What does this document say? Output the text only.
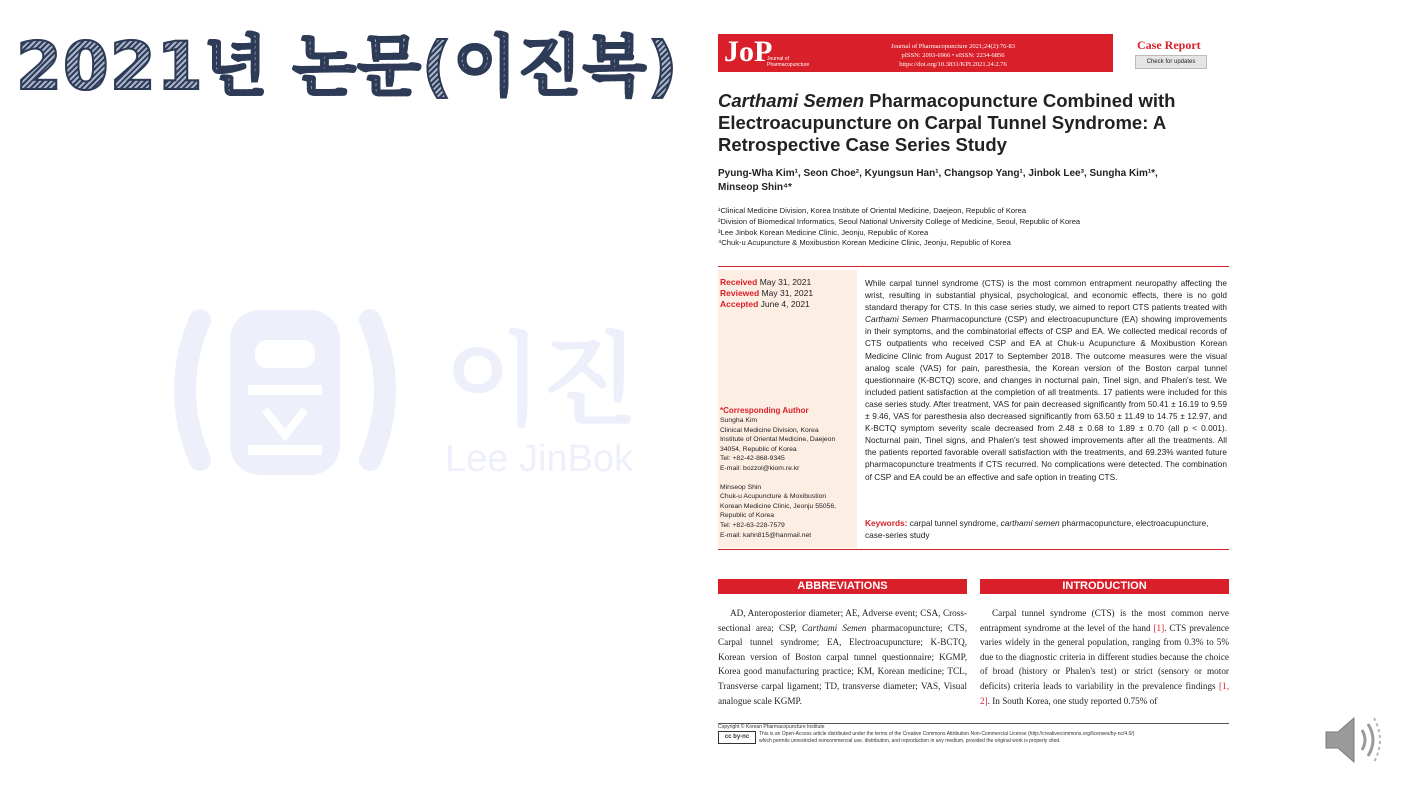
2021년 논문(이진복)
이진
Lee JinBok
JoP
Journal of Pharmacopuncture
Journal of Pharmacopuncture 2021;24(2):76-83
pISSN: 2093-6966 • eISSN: 2234-6856
https://doi.org/10.3831/KPI.2021.24.2.76
Case Report
Check for updates
Carthami Semen Pharmacopuncture Combined with Electroacupuncture on Carpal Tunnel Syndrome: A Retrospective Case Series Study
Pyung-Wha Kim¹, Seon Choe², Kyungsun Han¹, Changsop Yang¹, Jinbok Lee³, Sungha Kim¹*, Minseop Shin⁴*
¹Clinical Medicine Division, Korea Institute of Oriental Medicine, Daejeon, Republic of Korea
²Division of Biomedical Informatics, Seoul National University College of Medicine, Seoul, Republic of Korea
³Lee Jinbok Korean Medicine Clinic, Jeonju, Republic of Korea
⁴Chuk-u Acupuncture & Moxibustion Korean Medicine Clinic, Jeonju, Republic of Korea
Received May 31, 2021
Reviewed May 31, 2021
Accepted June 4, 2021
*Corresponding Author
Sungha Kim
Clinical Medicine Division, Korea
Institute of Oriental Medicine, Daejeon
34054, Republic of Korea
Tel: +82-42-868-9345
E-mail: bozzol@kiom.re.kr
Minseop Shin
Chuk-u Acupuncture & Moxibustion
Korean Medicine Clinic, Jeonju 55056,
Republic of Korea
Tel: +82-63-228-7579
E-mail: kahn815@hanmail.net
While carpal tunnel syndrome (CTS) is the most common entrapment neuropathy affecting the wrist, resulting in substantial physical, psychological, and economic effects, there is no gold standard therapy for CTS. In this case series study, we aimed to report CTS patients treated with Carthami Semen Pharmacopuncture (CSP) and electroacupuncture (EA) showing improvements in their symptoms, and the combinatorial effects of CSP and EA. We collected medical records of CTS outpatients who received CSP and EA at Chuk-u Acupuncture & Moxibustion Korean Medicine Clinic from August 2017 to September 2018. The outcome measures were the visual analog scale (VAS) for pain, paresthesia, the Korean version of the Boston carpal tunnel questionnaire (K-BCTQ) score, and changes in nocturnal pain, Tinel sign, and Phalen's test. We included patient satisfaction at the completion of all treatments. 17 patients were included for this case series study. After treatment, VAS for pain decreased significantly from 50.41 ± 16.19 to 9.59 ± 9.46, VAS for paresthesia also decreased significantly from 63.50 ± 11.49 to 14.75 ± 12.97, and K-BCTQ symptom severity scale decreased from 2.48 ± 0.68 to 1.89 ± 0.70 (all p < 0.001). Nocturnal pain, Tinel signs, and Phalen's test showed improvements after all the treatments. All the patients reported favorable overall satisfaction with the treatments, and 69.23% wanted future pharmacopuncture treatments if CTS recurred. No complications were detected. The combination of CSP and EA could be an effective and safe option in treating CTS.
Keywords: carpal tunnel syndrome, carthami semen pharmacopuncture, electroacupuncture, case-series study
ABBREVIATIONS	INTRODUCTION
AD, Anteroposterior diameter; AE, Adverse event; CSA, Cross-sectional area; CSP, Carthami Semen pharmacopuncture; CTS, Carpal tunnel syndrome; EA, Electroacupuncture; K-BCTQ, Korean version of Boston carpal tunnel questionnaire; KGMP, Korea good manufacturing practice; KM, Korean medicine; TCL, Transverse carpal ligament; TD, transverse diameter; VAS, Visual analogue scale KGMP.
Carpal tunnel syndrome (CTS) is the most common nerve entrapment syndrome at the level of the hand [1]. CTS prevalence varies widely in the general population, ranging from 0.3% to 5% due to the diagnostic criteria in different studies because the choice of broad (history or Phalen's test) or strict (sensory or motor deficits) criteria leads to variability in the prevalence findings [1, 2]. In South Korea, one study reported 0.75% of
Copyright © Korean Pharmacopuncture Institute
cc by-nc	This is an Open-Access article distributed under the terms of the Creative Commons Attribution Non-Commercial License (http://creativecommons.org/licenses/by-nc/4.0/)
which permits unrestricted noncommercial use, distribution, and reproduction in any medium, provided the original work is properly cited.
